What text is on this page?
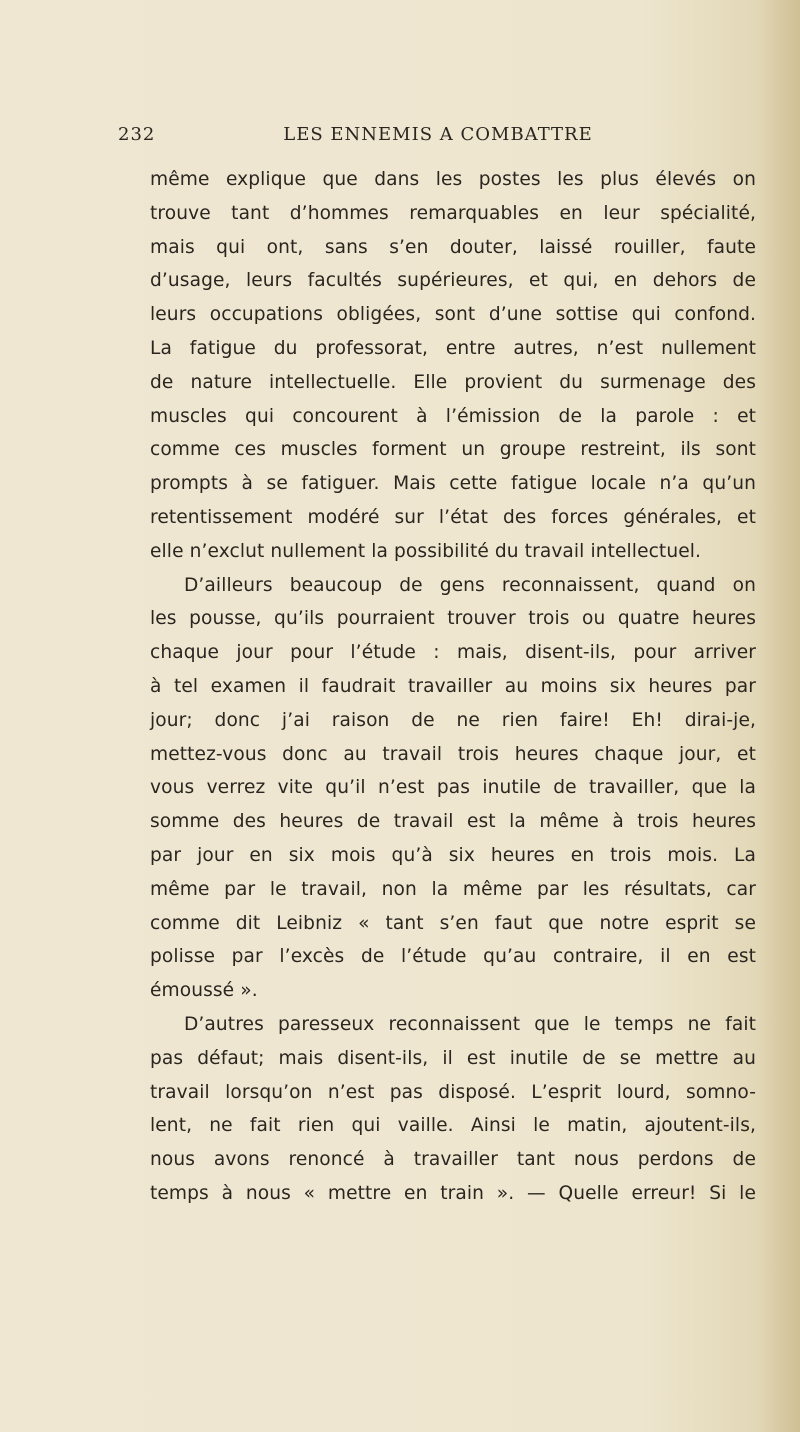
232	LES ENNEMIS A COMBATTRE
même explique que dans les postes les plus élevés on
trouve tant d’hommes remarquables en leur spécialité,
mais qui ont, sans s’en douter, laissé rouiller, faute
d’usage, leurs facultés supérieures, et qui, en dehors de
leurs occupations obligées, sont d’une sottise qui confond.
La fatigue du professorat, entre autres, n’est nullement
de nature intellectuelle. Elle provient du surmenage des
muscles qui concourent à l’émission de la parole : et
comme ces muscles forment un groupe restreint, ils sont
prompts à se fatiguer. Mais cette fatigue locale n’a qu’un
retentissement modéré sur l’état des forces générales, et
elle n’exclut nullement la possibilité du travail intellectuel.
D’ailleurs beaucoup de gens reconnaissent, quand on
les pousse, qu’ils pourraient trouver trois ou quatre heures
chaque jour pour l’étude : mais, disent-ils, pour arriver
à tel examen il faudrait travailler au moins six heures par
jour; donc j’ai raison de ne rien faire! Eh! dirai-je,
mettez-vous donc au travail trois heures chaque jour, et
vous verrez vite qu’il n’est pas inutile de travailler, que la
somme des heures de travail est la même à trois heures
par jour en six mois qu’à six heures en trois mois. La
même par le travail, non la même par les résultats, car
comme dit Leibniz « tant s’en faut que notre esprit se
polisse par l’excès de l’étude qu’au contraire, il en est
émoussé ».
D’autres paresseux reconnaissent que le temps ne fait
pas défaut; mais disent-ils, il est inutile de se mettre au
travail lorsqu’on n’est pas disposé. L’esprit lourd, somno-
lent, ne fait rien qui vaille. Ainsi le matin, ajoutent-ils,
nous avons renoncé à travailler tant nous perdons de
temps à nous « mettre en train ». — Quelle erreur! Si le
